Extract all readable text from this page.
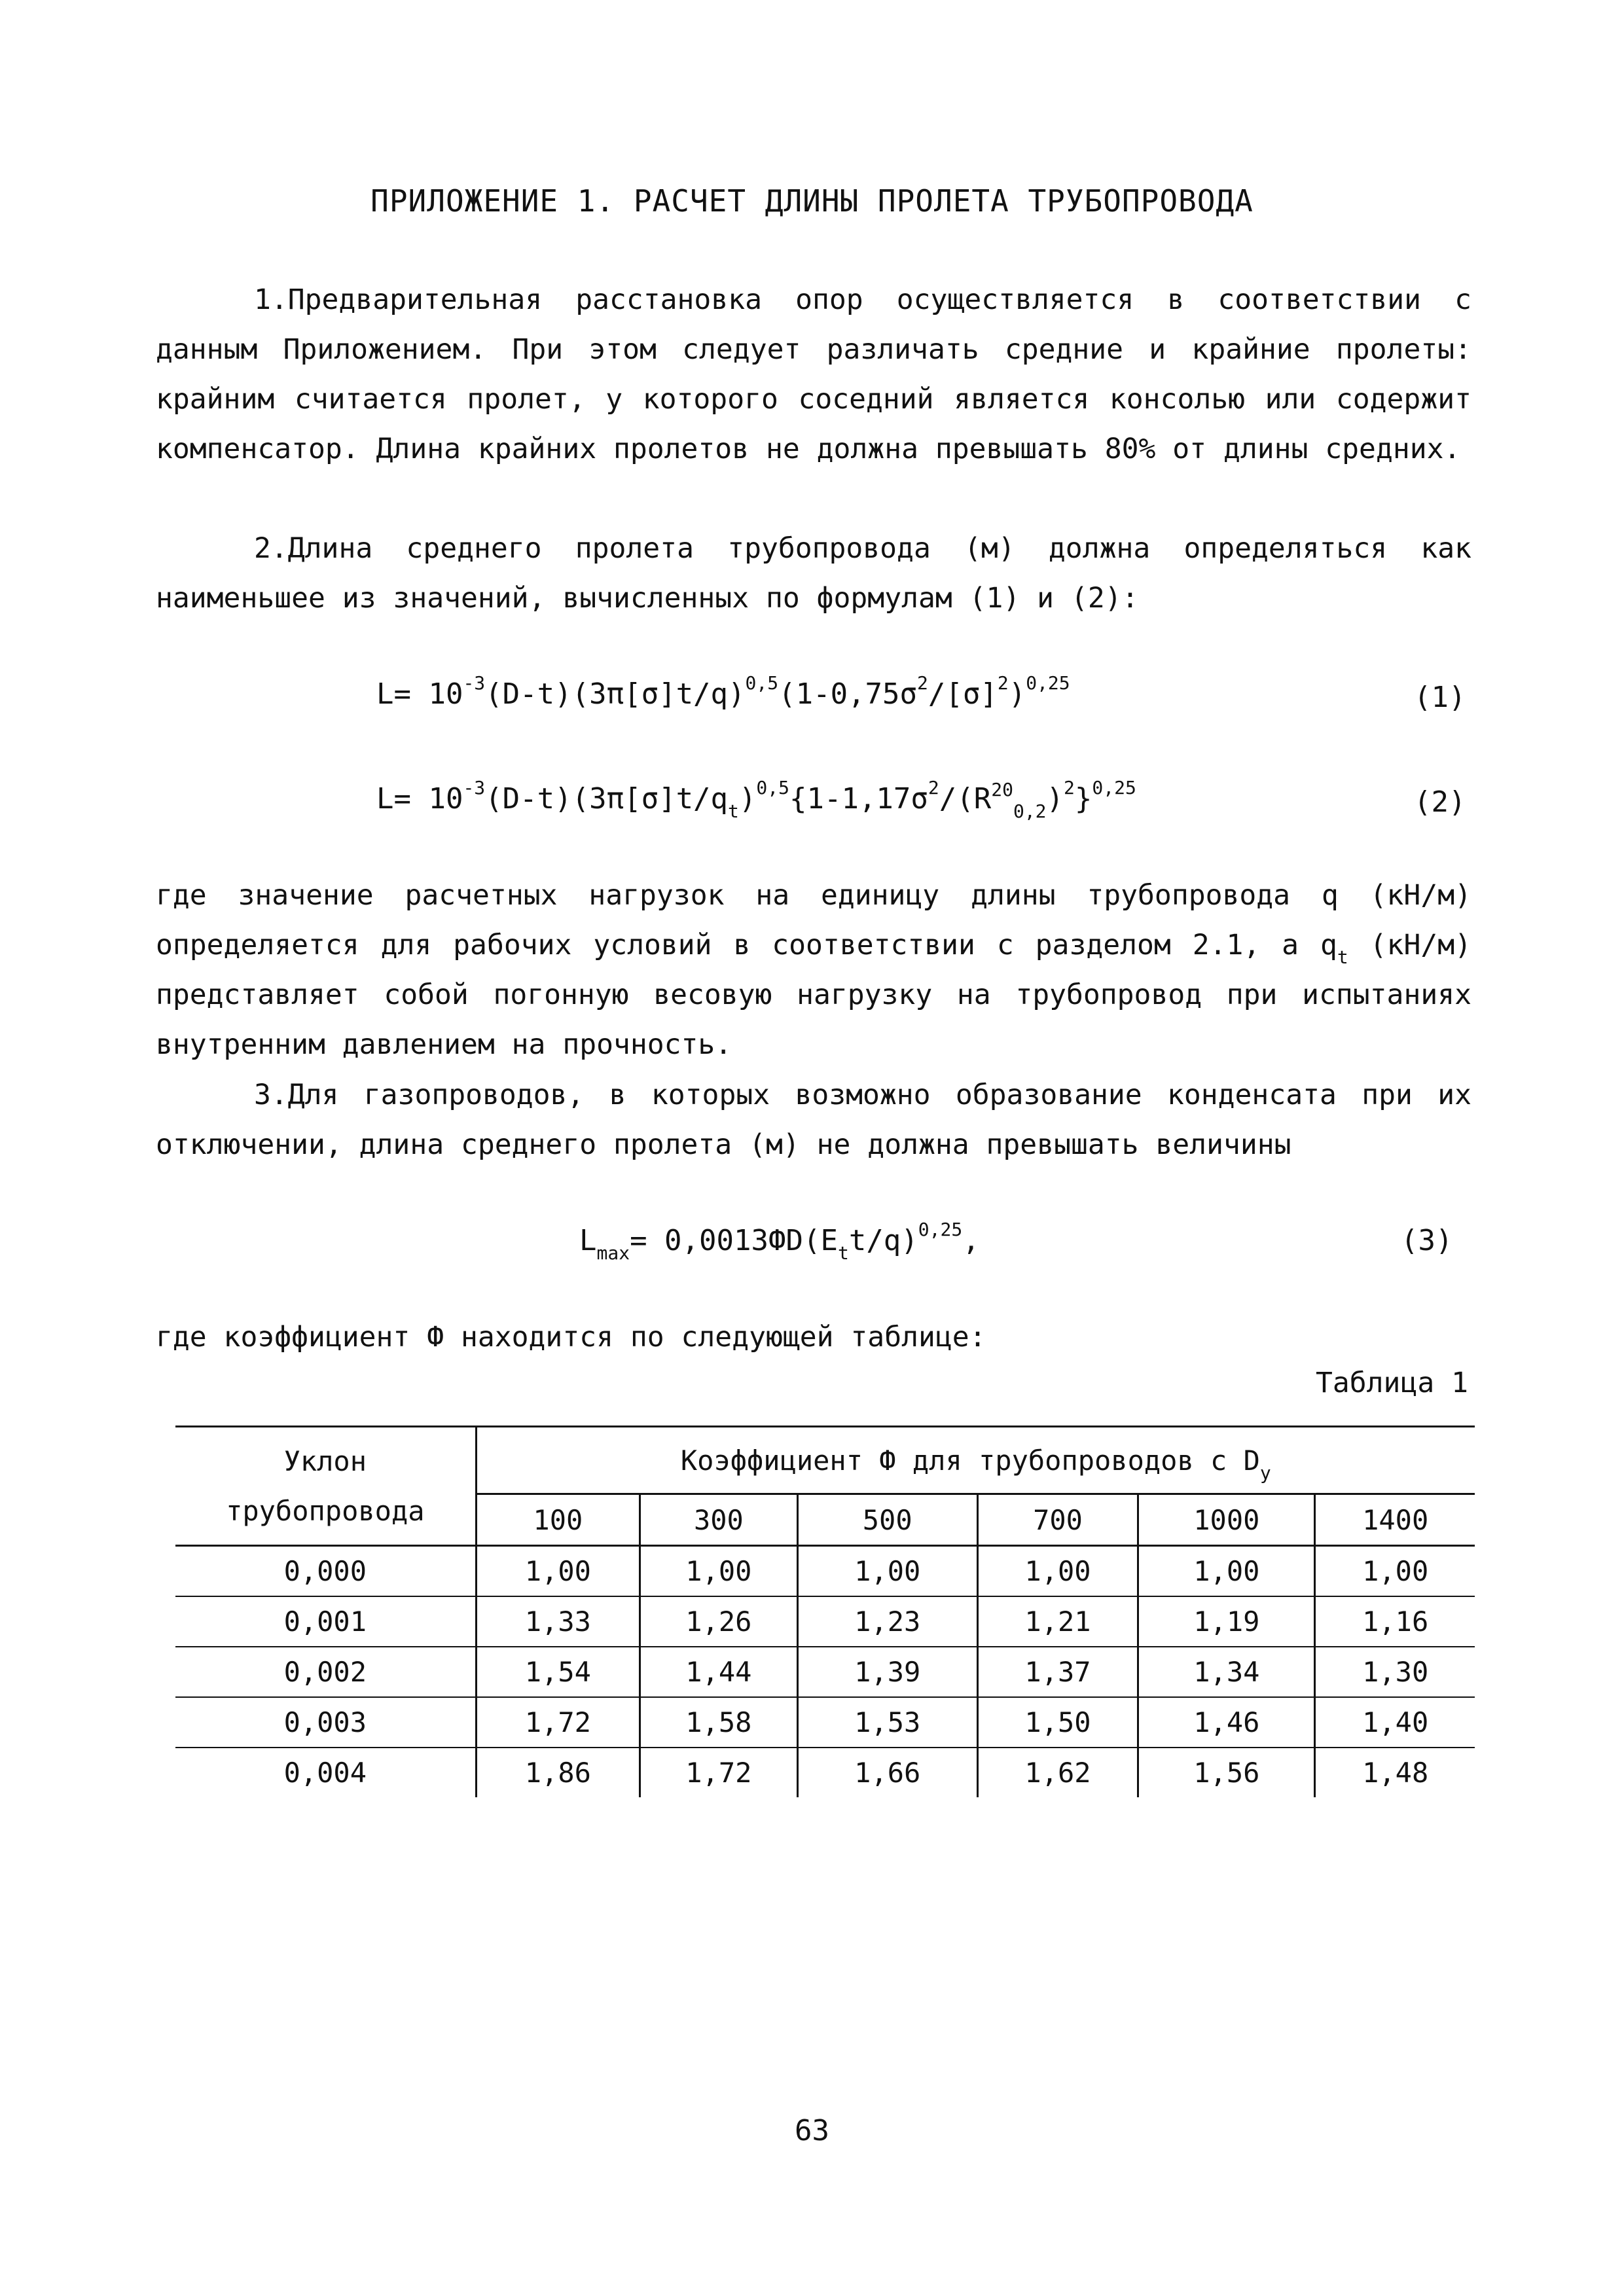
ПРИЛОЖЕНИЕ 1. РАСЧЕТ ДЛИНЫ ПРОЛЕТА ТРУБОПРОВОДА
1.Предварительная расстановка опор осуществляется в соответствии с данным Приложением. При этом следует различать средние и крайние пролеты: крайним считается пролет, у которого соседний является консолью или содержит компенсатор. Длина крайних пролетов не должна превышать 80% от длины средних.
2.Длина среднего пролета трубопровода (м) должна определяться как наименьшее из значений, вычисленных по формулам (1) и (2):
$L= 10^{-3}(D-t)(3\pi[\sigma]t/q)^{0,5}(1-0,75\sigma^2/[\sigma]^2)^{0,25}$	(1)
$L= 10^{-3}(D-t)(3\pi[\sigma]t/q_t)^{0,5}\{1-1,17\sigma^2/(R^{20}_{0,2})^2\}^{0,25}$	(2)
где значение расчетных нагрузок на единицу длины трубопровода q (кН/м) определяется для рабочих условий в соответствии с разделом 2.1, а $q_t$ (кН/м) представляет собой погонную весовую нагрузку на трубопровод при испытаниях внутренним давлением на прочность.
3.Для газопроводов, в которых возможно образование конденсата при их отключении, длина среднего пролета (м) не должна превышать величины
$L_{max}= 0,0013ФD(E_tt/q)^{0,25}$,	(3)
где коэффициент Ф находится по следующей таблице:
Таблица 1
Уклон трубопровода	Коэффициент Ф для трубопроводов с $D_у$
	100	300	500	700	1000	1400
0,000	1,00	1,00	1,00	1,00	1,00	1,00
0,001	1,33	1,26	1,23	1,21	1,19	1,16
0,002	1,54	1,44	1,39	1,37	1,34	1,30
0,003	1,72	1,58	1,53	1,50	1,46	1,40
0,004	1,86	1,72	1,66	1,62	1,56	1,48
63
